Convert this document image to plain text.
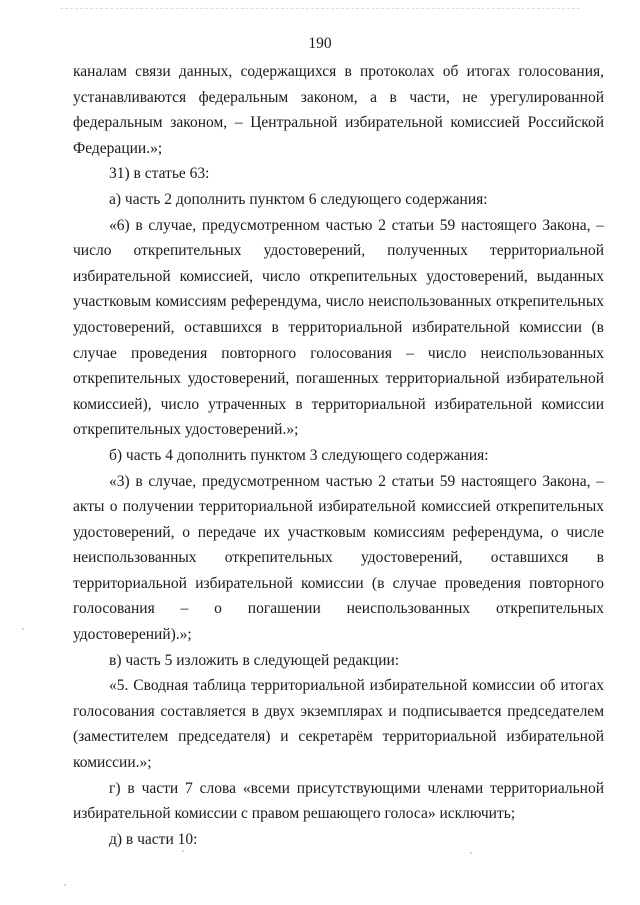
190

каналам связи данных, содержащихся в протоколах об итогах голосования, устанавливаются федеральным законом, а в части, не урегулированной федеральным законом, – Центральной избирательной комиссией Российской Федерации.»;

31) в статье 63:

а) часть 2 дополнить пунктом 6 следующего содержания:

«6) в случае, предусмотренном частью 2 статьи 59 настоящего Закона, – число открепительных удостоверений, полученных территориальной избирательной комиссией, число открепительных удостоверений, выданных участковым комиссиям референдума, число неиспользованных открепительных удостоверений, оставшихся в территориальной избирательной комиссии (в случае проведения повторного голосования – число неиспользованных открепительных удостоверений, погашенных территориальной избирательной комиссией), число утраченных в территориальной избирательной комиссии открепительных удостоверений.»;

б) часть 4 дополнить пунктом 3 следующего содержания:

«3) в случае, предусмотренном частью 2 статьи 59 настоящего Закона, – акты о получении территориальной избирательной комиссией открепительных удостоверений, о передаче их участковым комиссиям референдума, о числе неиспользованных открепительных удостоверений, оставшихся в территориальной избирательной комиссии (в случае проведения повторного голосования – о погашении неиспользованных открепительных удостоверений).»;

в) часть 5 изложить в следующей редакции:

«5. Сводная таблица территориальной избирательной комиссии об итогах голосования составляется в двух экземплярах и подписывается председателем (заместителем председателя) и секретарём территориальной избирательной комиссии.»;

г) в части 7 слова «всеми присутствующими членами территориальной избирательной комиссии с правом решающего голоса» исключить;

д) в части 10:
